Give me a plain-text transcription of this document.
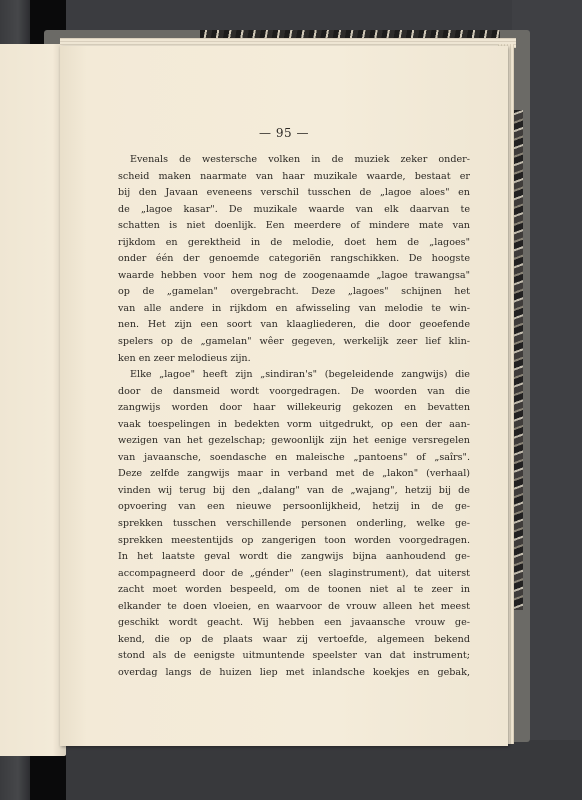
— 95 —
Evenals de westersche volken in de muziek zeker onder-
scheid maken naarmate van haar muzikale waarde, bestaat er
bij den Javaan eveneens verschil tusschen de „lagoe aloes" en
de „lagoe kasar". De muzikale waarde van elk daarvan te
schatten is niet doenlijk. Een meerdere of mindere mate van
rijkdom en gerektheid in de melodie, doet hem de „lagoes"
onder één der genoemde categoriën rangschikken. De hoogste
waarde hebben voor hem nog de zoogenaamde „lagoe trawangsa"
op de „gamelan" overgebracht. Deze „lagoes" schijnen het
van alle andere in rijkdom en afwisseling van melodie te win-
nen. Het zijn een soort van klaagliederen, die door geoefende
spelers op de „gamelan" wêer gegeven, werkelijk zeer lief klin-
ken en zeer melodieus zijn.
Elke „lagoe" heeft zijn „sindiran's" (begeleidende zangwijs) die
door de dansmeid wordt voorgedragen. De woorden van die
zangwijs worden door haar willekeurig gekozen en bevatten
vaak toespelingen in bedekten vorm uitgedrukt, op een der aan-
wezigen van het gezelschap; gewoonlijk zijn het eenige versregelen
van javaansche, soendasche en maleische „pantoens" of „saîrs".
Deze zelfde zangwijs maar in verband met de „lakon" (verhaal)
vinden wij terug bij den „dalang" van de „wajang", hetzij bij de
opvoering van een nieuwe persoonlijkheid, hetzij in de ge-
sprekken tusschen verschillende personen onderling, welke ge-
sprekken meestentijds op zangerigen toon worden voorgedragen.
In het laatste geval wordt die zangwijs bijna aanhoudend ge-
accompagneerd door de „génder" (een slaginstrument), dat uiterst
zacht moet worden bespeeld, om de toonen niet al te zeer in
elkander te doen vloeien, en waarvoor de vrouw alleen het meest
geschikt wordt geacht. Wij hebben een javaansche vrouw ge-
kend, die op de plaats waar zij vertoefde, algemeen bekend
stond als de eenigste uitmuntende speelster van dat instrument;
overdag langs de huizen liep met inlandsche koekjes en gebak,
